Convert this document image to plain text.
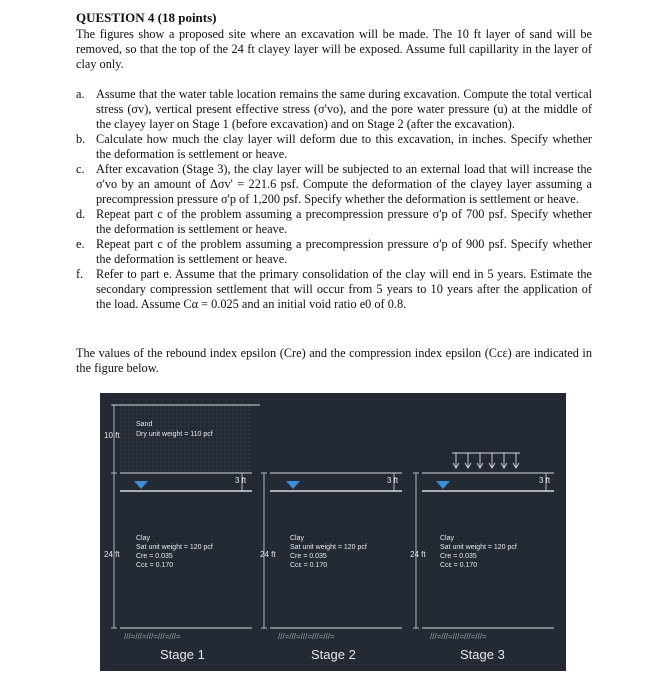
QUESTION 4 (18 points)
The figures show a proposed site where an excavation will be made. The 10 ft layer of sand will be removed, so that the top of the 24 ft clayey layer will be exposed. Assume full capillarity in the layer of clay only.
a. Assume that the water table location remains the same during excavation. Compute the total vertical stress (σv), vertical present effective stress (σ'vo), and the pore water pressure (u) at the middle of the clayey layer on Stage 1 (before excavation) and on Stage 2 (after the excavation).
b. Calculate how much the clay layer will deform due to this excavation, in inches. Specify whether the deformation is settlement or heave.
c. After excavation (Stage 3), the clay layer will be subjected to an external load that will increase the σ'vo by an amount of Δσv' = 221.6 psf. Compute the deformation of the clayey layer assuming a precompression pressure σ'p of 1,200 psf. Specify whether the deformation is settlement or heave.
d. Repeat part c of the problem assuming a precompression pressure σ'p of 700 psf. Specify whether the deformation is settlement or heave.
e. Repeat part c of the problem assuming a precompression pressure σ'p of 900 psf. Specify whether the deformation is settlement or heave.
f. Refer to part e. Assume that the primary consolidation of the clay will end in 5 years. Estimate the secondary compression settlement that will occur from 5 years to 10 years after the application of the load. Assume Cα = 0.025 and an initial void ratio e0 of 0.8.
The values of the rebound index epsilon (Cre) and the compression index epsilon (Ccε) are indicated in the figure below.
Sand
Dry unit weight = 110 pcf
10 ft
3 ft
24 ft
Clay
Sat unit weight = 120 pcf
Cre = 0.035
Ccε = 0.170
///=///=///=///=///=
Stage 1
3 ft
24 ft
Clay
Sat unit weight = 120 pcf
Cre = 0.035
Ccε = 0.170
///=///=///=///=///=
Stage 2
3 ft
24 ft
Clay
Sat unit weight = 120 pcf
Cre = 0.035
Ccε = 0.170
///=///=///=///=///=
Stage 3
